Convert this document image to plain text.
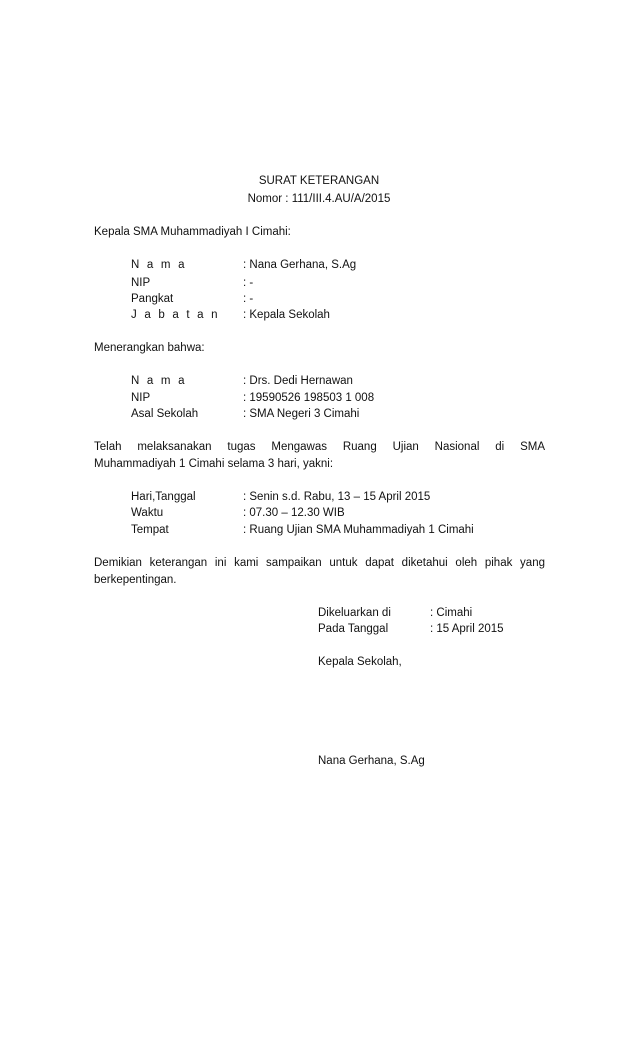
SURAT KETERANGAN
Nomor : 111/III.4.AU/A/2015
Kepala SMA Muhammadiyah I Cimahi:
N a m a	: Nana Gerhana, S.Ag
NIP	: -
Pangkat	: -
J a b a t a n : Kepala Sekolah
Menerangkan bahwa:
N a m a	: Drs. Dedi Hernawan
NIP	: 19590526 198503 1 008
Asal Sekolah	: SMA Negeri 3 Cimahi
Telah melaksanakan tugas Mengawas Ruang Ujian Nasional di SMA
Muhammadiyah 1 Cimahi selama 3 hari, yakni:
Hari,Tanggal	: Senin s.d. Rabu, 13 – 15 April 2015
Waktu	: 07.30 – 12.30 WIB
Tempat	: Ruang Ujian SMA Muhammadiyah 1 Cimahi
Demikian keterangan ini kami sampaikan untuk dapat diketahui oleh pihak yang
berkepentingan.
Dikeluarkan di	: Cimahi
Pada Tanggal	: 15 April 2015
Kepala Sekolah,
Nana Gerhana, S.Ag
